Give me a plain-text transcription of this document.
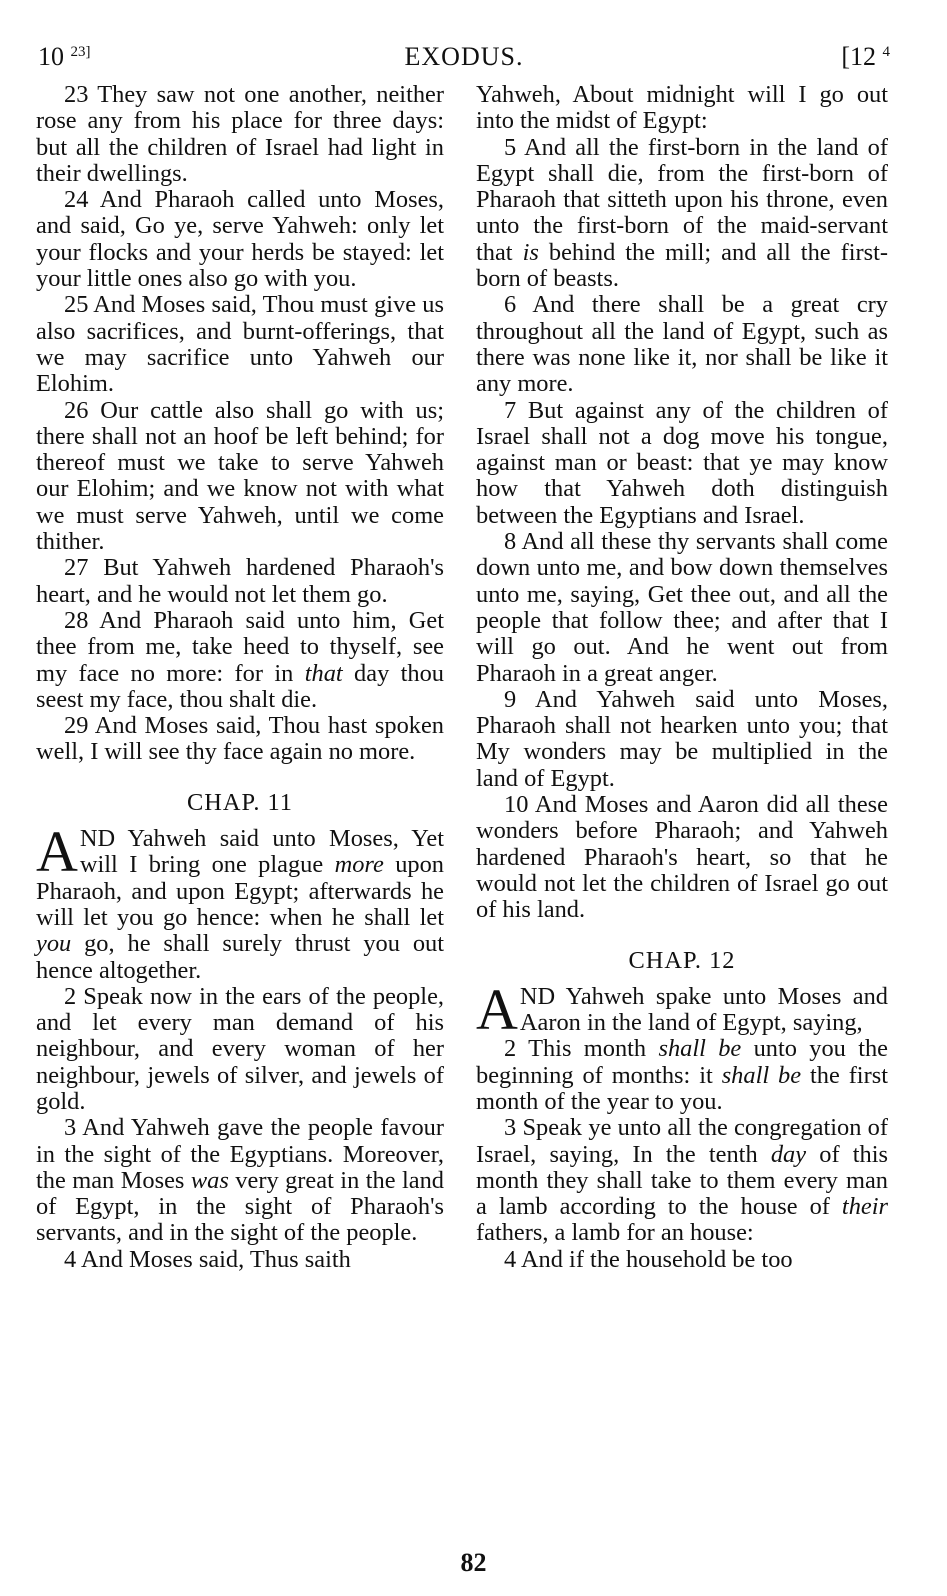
10 $^{23]}$	EXODUS.	[12 $^4$

23 They saw not one another, neither rose any from his place for three days: but all the children of Israel had light in their dwellings.

24 And Pharaoh called unto Moses, and said, Go ye, serve Yahweh: only let your flocks and your herds be stayed: let your little ones also go with you.

25 And Moses said, Thou must give us also sacrifices, and burnt-offerings, that we may sacrifice unto Yahweh our Elohim.

26 Our cattle also shall go with us; there shall not an hoof be left behind; for thereof must we take to serve Yahweh our Elohim; and we know not with what we must serve Yahweh, until we come thither.

27 But Yahweh hardened Pharaoh's heart, and he would not let them go.

28 And Pharaoh said unto him, Get thee from me, take heed to thyself, see my face no more: for in that day thou seest my face, thou shalt die.

29 And Moses said, Thou hast spoken well, I will see thy face again no more.

CHAP. 11

AND Yahweh said unto Moses, Yet will I bring one plague more upon Pharaoh, and upon Egypt; afterwards he will let you go hence: when he shall let you go, he shall surely thrust you out hence altogether.

2 Speak now in the ears of the people, and let every man demand of his neighbour, and every woman of her neighbour, jewels of silver, and jewels of gold.

3 And Yahweh gave the people favour in the sight of the Egyptians. Moreover, the man Moses was very great in the land of Egypt, in the sight of Pharaoh's servants, and in the sight of the people.

4 And Moses said, Thus saith

Yahweh, About midnight will I go out into the midst of Egypt:

5 And all the first-born in the land of Egypt shall die, from the first-born of Pharaoh that sitteth upon his throne, even unto the first-born of the maid-servant that is behind the mill; and all the first-born of beasts.

6 And there shall be a great cry throughout all the land of Egypt, such as there was none like it, nor shall be like it any more.

7 But against any of the children of Israel shall not a dog move his tongue, against man or beast: that ye may know how that Yahweh doth distinguish between the Egyptians and Israel.

8 And all these thy servants shall come down unto me, and bow down themselves unto me, saying, Get thee out, and all the people that follow thee; and after that I will go out. And he went out from Pharaoh in a great anger.

9 And Yahweh said unto Moses, Pharaoh shall not hearken unto you; that My wonders may be multiplied in the land of Egypt.

10 And Moses and Aaron did all these wonders before Pharaoh; and Yahweh hardened Pharaoh's heart, so that he would not let the children of Israel go out of his land.

CHAP. 12

AND Yahweh spake unto Moses and Aaron in the land of Egypt, saying,

2 This month shall be unto you the beginning of months: it shall be the first month of the year to you.

3 Speak ye unto all the congregation of Israel, saying, In the tenth day of this month they shall take to them every man a lamb according to the house of their fathers, a lamb for an house:

4 And if the household be too

82
